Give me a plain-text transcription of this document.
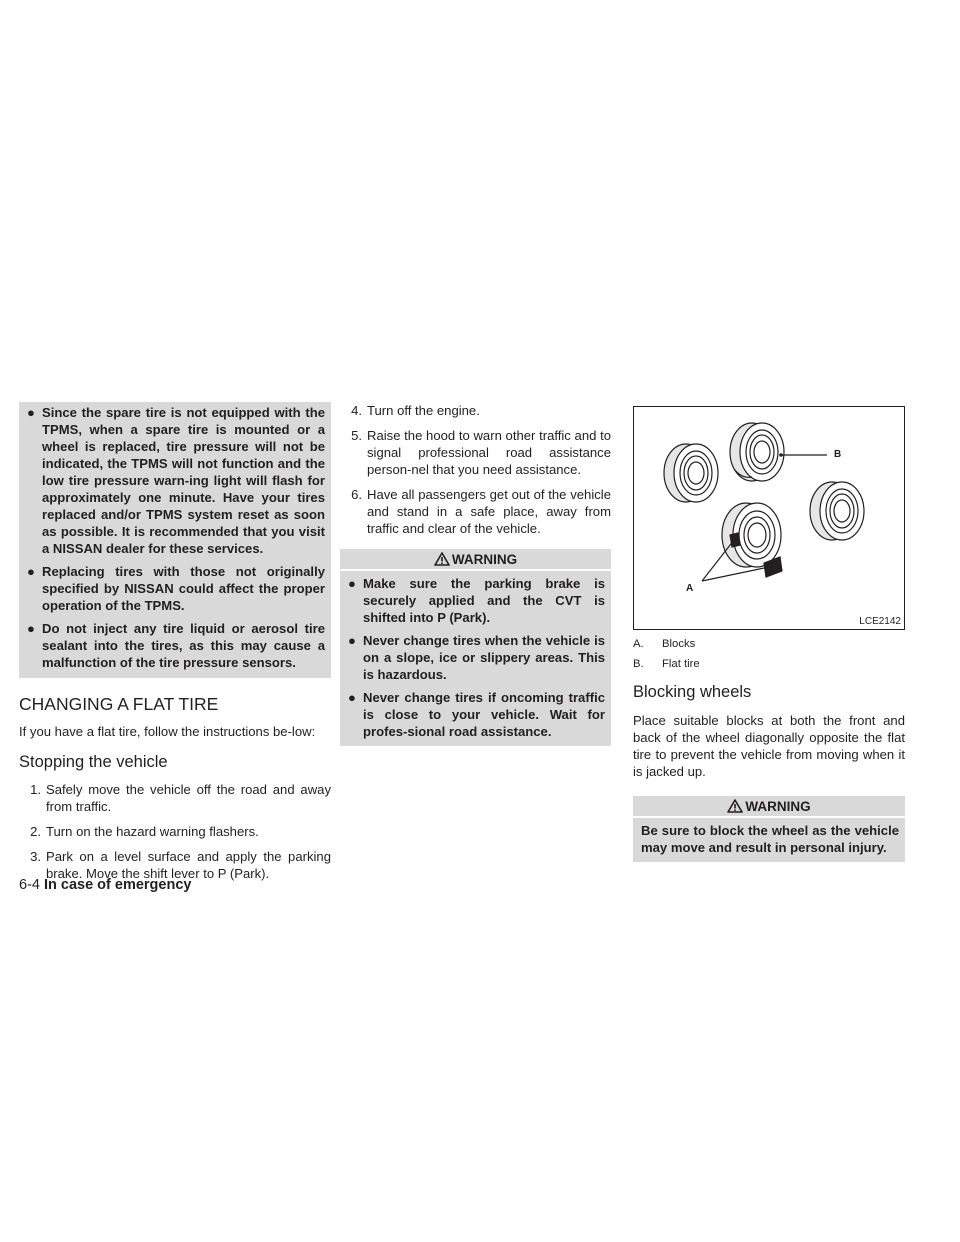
● Since the spare tire is not equipped with the TPMS, when a spare tire is mounted or a wheel is replaced, tire pressure will not be indicated, the TPMS will not function and the low tire pressure warn-ing light will flash for approximately one minute. Have your tires replaced and/or TPMS system reset as soon as possible. It is recommended that you visit a NISSAN dealer for these services.
● Replacing tires with those not originally specified by NISSAN could affect the proper operation of the TPMS.
● Do not inject any tire liquid or aerosol tire sealant into the tires, as this may cause a malfunction of the tire pressure sensors.
CHANGING A FLAT TIRE

If you have a flat tire, follow the instructions be-low:

Stopping the vehicle
1. Safely move the vehicle off the road and away from traffic.
2. Turn on the hazard warning flashers.
3. Park on a level surface and apply the parking brake. Move the shift lever to P (Park).
4. Turn off the engine.
5. Raise the hood to warn other traffic and to signal professional road assistance person-nel that you need assistance.
6. Have all passengers get out of the vehicle and stand in a safe place, away from traffic and clear of the vehicle.
WARNING
● Make sure the parking brake is securely applied and the CVT is shifted into P (Park).
● Never change tires when the vehicle is on a slope, ice or slippery areas. This is hazardous.
● Never change tires if oncoming traffic is close to your vehicle. Wait for profes-sional road assistance.
B
A
LCE2142
A.	Blocks
B.	Flat tire
Blocking wheels

Place suitable blocks at both the front and back of the wheel diagonally opposite the flat tire to prevent the vehicle from moving when it is jacked up.

WARNING
Be sure to block the wheel as the vehicle may move and result in personal injury.
6-4 In case of emergency
